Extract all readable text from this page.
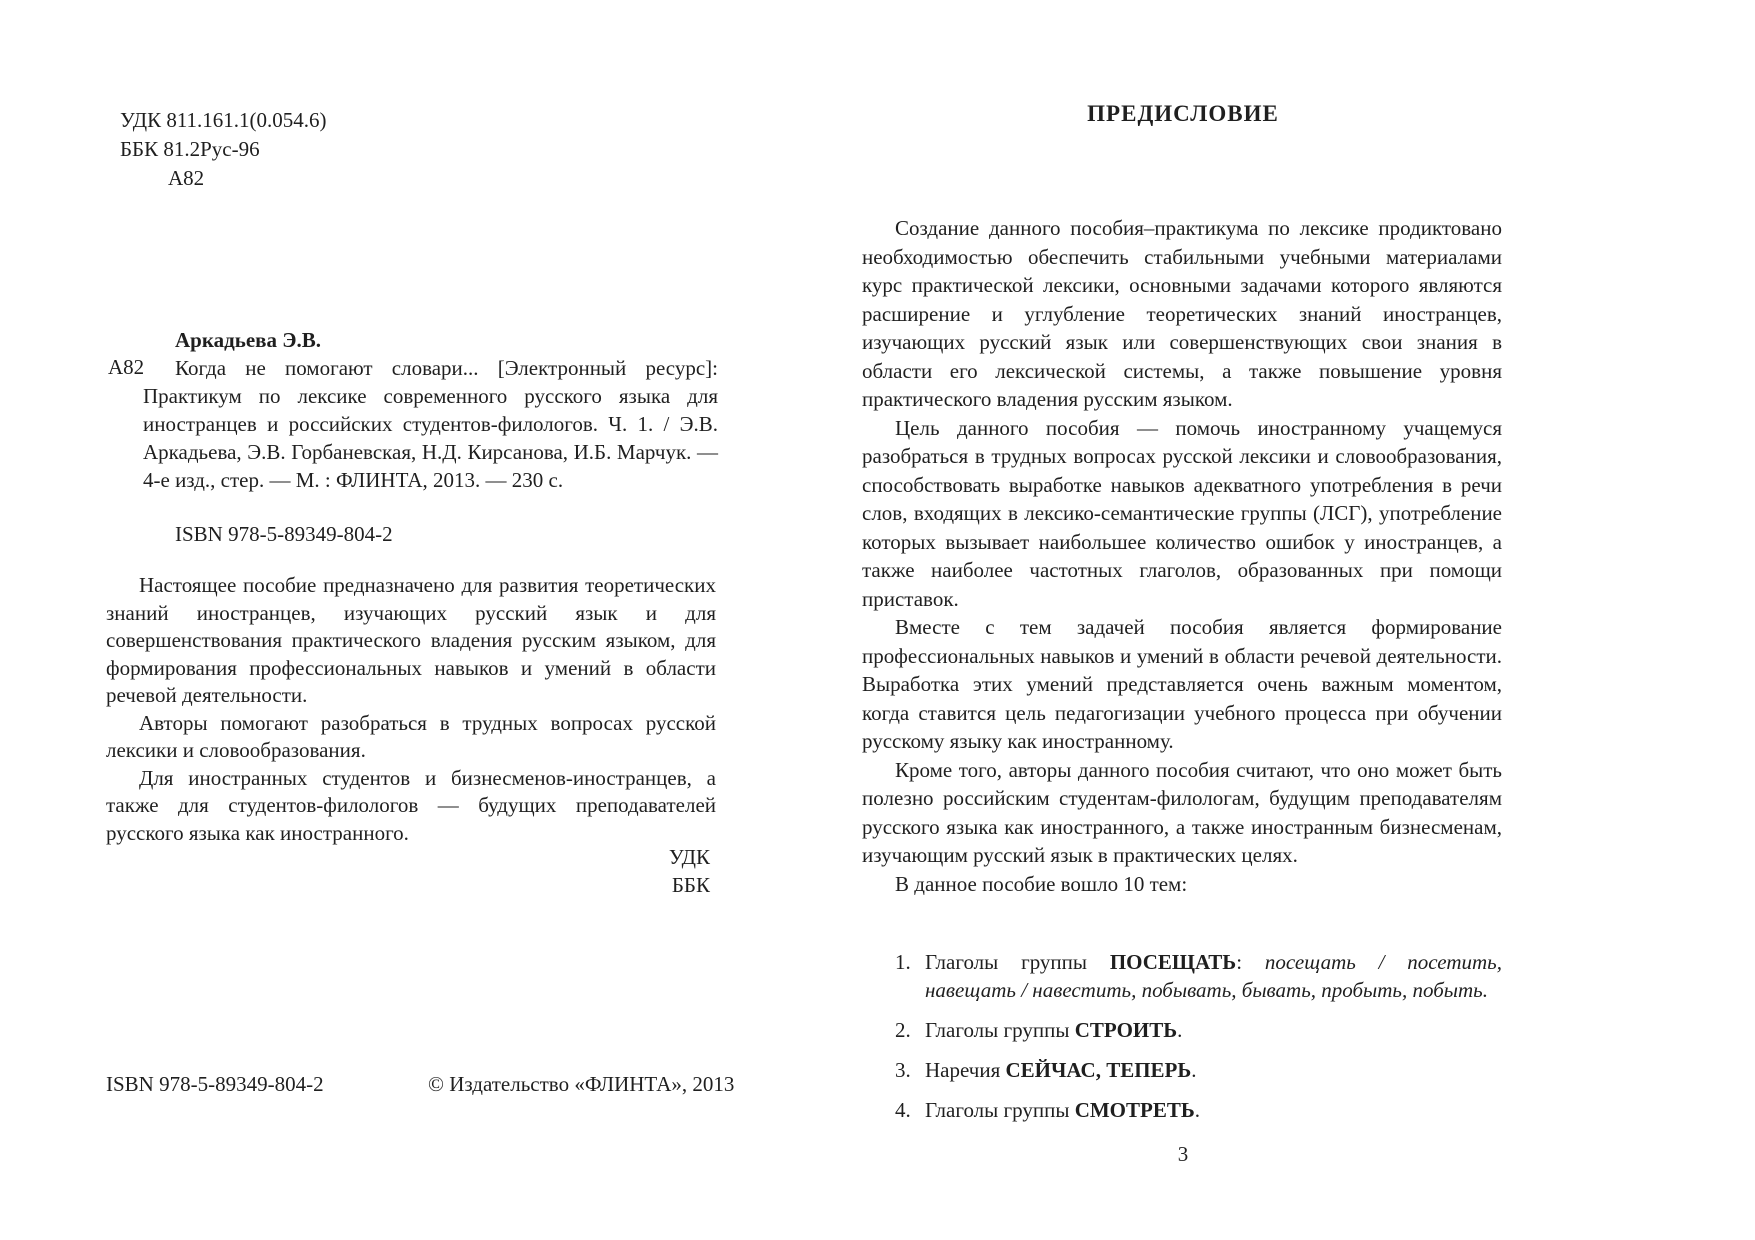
УДК 811.161.1(0.054.6)
ББК 81.2Рус-96
А82
А82

Аркадьева Э.В.

Когда не помогают словари... [Электронный ресурс]: Практикум по лексике современного русского языка для иностранцев и российских студентов-филологов. Ч. 1. / Э.В. Аркадьева, Э.В. Горбаневская, Н.Д. Кирсанова, И.Б. Марчук. — 4-е изд., стер. — М. : ФЛИНТА, 2013. — 230 с.

ISBN 978-5-89349-804-2

Настоящее пособие предназначено для развития теоретических знаний иностранцев, изучающих русский язык и для совершенствования практического владения русским языком, для формирования профессиональных навыков и умений в области речевой деятельности.

Авторы помогают разобраться в трудных вопросах русской лексики и словообразования.

Для иностранных студентов и бизнесменов-иностранцев, а также для студентов-филологов — будущих преподавателей русского языка как иностранного.

УДК
ББК
ISBN 978-5-89349-804-2	© Издательство «ФЛИНТА», 2013
ПРЕДИСЛОВИЕ

Создание данного пособия–практикума по лексике продиктовано необходимостью обеспечить стабильными учебными материалами курс практической лексики, основными задачами которого являются расширение и углубление теоретических знаний иностранцев, изучающих русский язык или совершенствующих свои знания в области его лексической системы, а также повышение уровня практического владения русским языком.

Цель данного пособия — помочь иностранному учащемуся разобраться в трудных вопросах русской лексики и словообразования, способствовать выработке навыков адекватного употребления в речи слов, входящих в лексико-семантические группы (ЛСГ), употребление которых вызывает наибольшее количество ошибок у иностранцев, а также наиболее частотных глаголов, образованных при помощи приставок.

Вместе с тем задачей пособия является формирование профессиональных навыков и умений в области речевой деятельности. Выработка этих умений представляется очень важным моментом, когда ставится цель педагогизации учебного процесса при обучении русскому языку как иностранному.

Кроме того, авторы данного пособия считают, что оно может быть полезно российским студентам-филологам, будущим преподавателям русского языка как иностранного, а также иностранным бизнесменам, изучающим русский язык в практических целях.

В данное пособие вошло 10 тем:

1. Глаголы группы ПОСЕЩАТЬ: посещать / посетить, навещать / навестить, побывать, бывать, пробыть, побыть.
2. Глаголы группы СТРОИТЬ.
3. Наречия СЕЙЧАС, ТЕПЕРЬ.
4. Глаголы группы СМОТРЕТЬ.
3
